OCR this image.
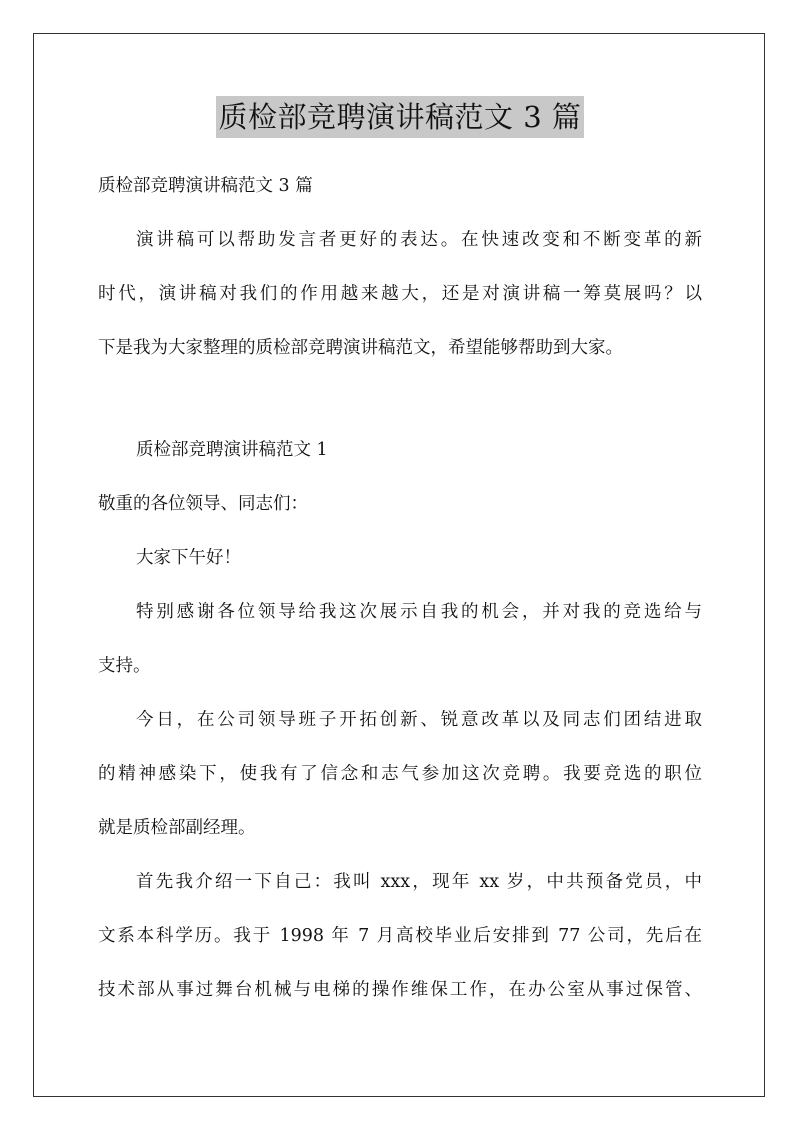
质检部竞聘演讲稿范文 3 篇
质检部竞聘演讲稿范文 3 篇
演讲稿可以帮助发言者更好的表达。在快速改变和不断变革的新
时代，演讲稿对我们的作用越来越大，还是对演讲稿一筹莫展吗？以
下是我为大家整理的质检部竞聘演讲稿范文，希望能够帮助到大家。
质检部竞聘演讲稿范文 1
敬重的各位领导、同志们：
大家下午好！
特别感谢各位领导给我这次展示自我的机会，并对我的竞选给与
支持。
今日，在公司领导班子开拓创新、锐意改革以及同志们团结进取
的精神感染下，使我有了信念和志气参加这次竞聘。我要竞选的职位
就是质检部副经理。
首先我介绍一下自己：我叫 xxx，现年 xx 岁，中共预备党员，中
文系本科学历。我于 1998 年 7 月高校毕业后安排到 77 公司，先后在
技术部从事过舞台机械与电梯的操作维保工作，在办公室从事过保管、
